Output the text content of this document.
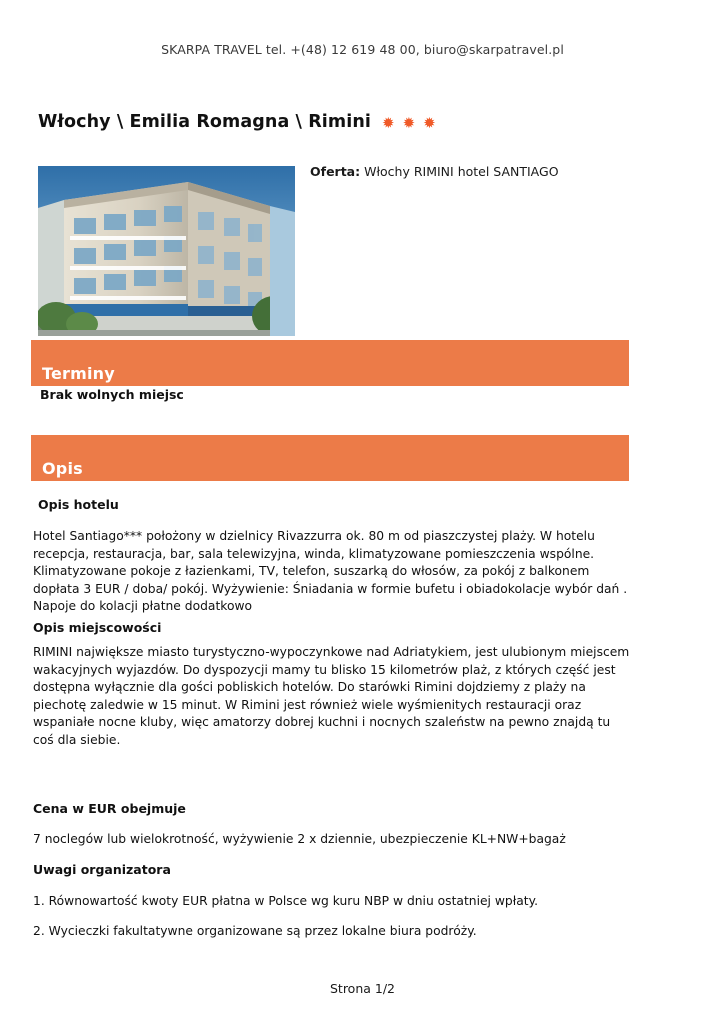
SKARPA TRAVEL tel. +(48) 12 619 48 00, biuro@skarpatravel.pl
Włochy \ Emilia Romagna \ Rimini ✹ ✹ ✹
Oferta: Włochy RIMINI hotel SANTIAGO
Terminy
Brak wolnych miejsc
Opis
Opis hotelu
Hotel Santiago*** położony w dzielnicy Rivazzurra ok. 80 m od piaszczystej plaży. W hotelu recepcja, restauracja, bar, sala telewizyjna, winda, klimatyzowane pomieszczenia wspólne. Klimatyzowane pokoje z łazienkami, TV, telefon, suszarką do włosów, za pokój z balkonem dopłata 3 EUR / doba/ pokój. Wyżywienie: Śniadania w formie bufetu i obiadokolacje wybór dań . Napoje do kolacji płatne dodatkowo
Opis miejscowości
RIMINI największe miasto turystyczno-wypoczynkowe nad Adriatykiem, jest ulubionym miejscem wakacyjnych wyjazdów. Do dyspozycji mamy tu blisko 15 kilometrów plaż, z których część jest dostępna wyłącznie dla gości pobliskich hotelów. Do starówki Rimini dojdziemy z plaży na piechotę zaledwie w 15 minut. W Rimini jest również wiele wyśmienitych restauracji oraz wspaniałe nocne kluby, więc amatorzy dobrej kuchni i nocnych szaleństw na pewno znajdą tu coś dla siebie.
Cena w EUR obejmuje
7 noclegów lub wielokrotność, wyżywienie 2 x dziennie, ubezpieczenie KL+NW+bagaż
Uwagi organizatora
1. Równowartość kwoty EUR płatna w Polsce wg kuru NBP w dniu ostatniej wpłaty.
2. Wycieczki fakultatywne organizowane są przez lokalne biura podróży.
Strona 1/2
